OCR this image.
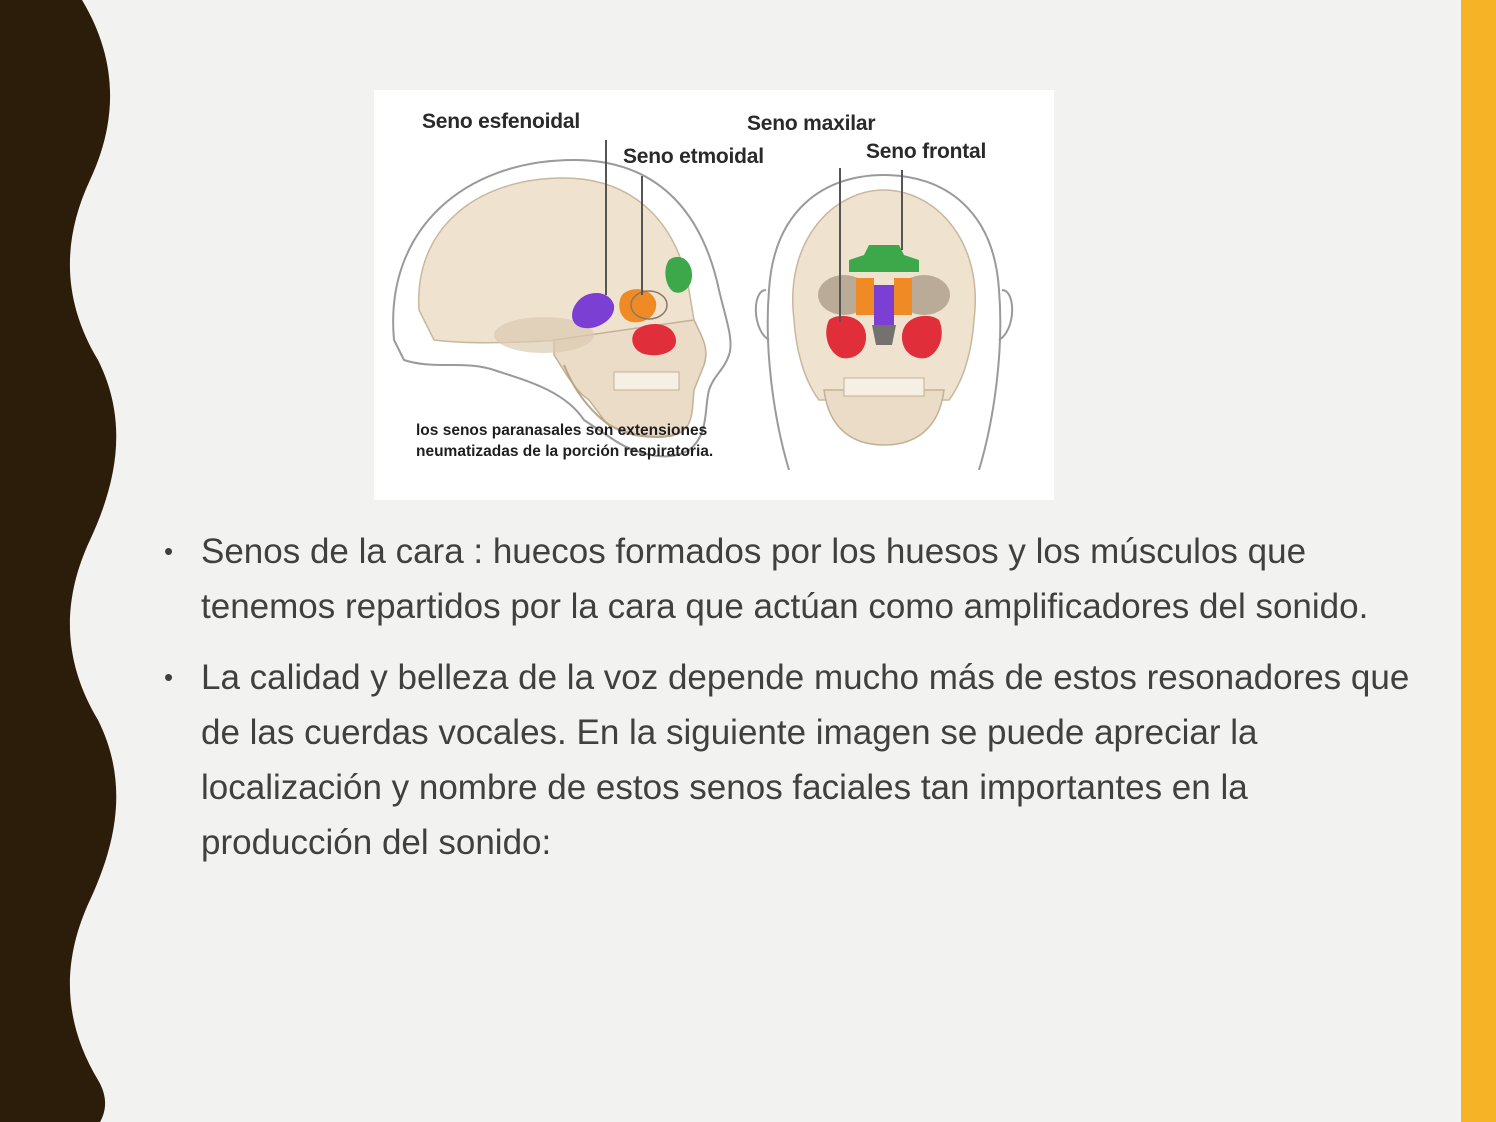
Seno esfenoidal	Seno maxilar
Seno etmoidal	Seno frontal
los senos paranasales son extensiones neumatizadas de la porción respiratoria.
• Senos de la cara : huecos formados por los huesos y los músculos que tenemos repartidos por la cara que actúan como amplificadores del sonido.
• La calidad y belleza de la voz depende mucho más de estos resonadores que de las cuerdas vocales. En la siguiente imagen se puede apreciar la localización y nombre de estos senos faciales tan importantes en la producción del sonido:
